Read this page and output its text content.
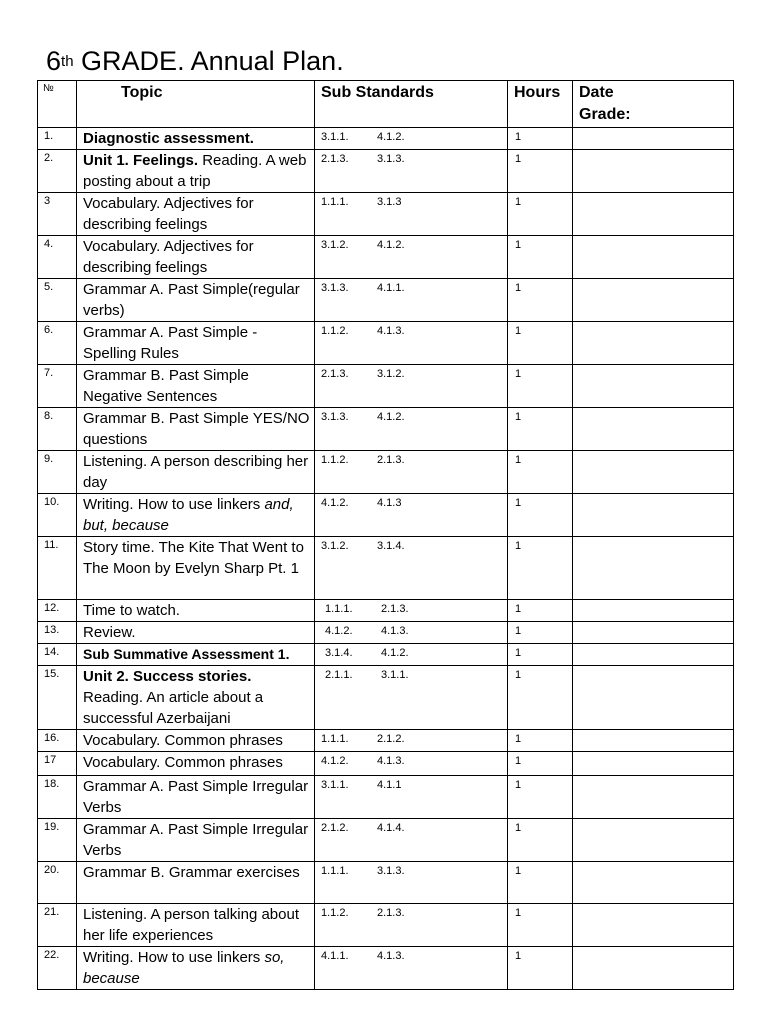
6th GRADE. Annual Plan.
№	Topic	Sub Standards	Hours	Date
Grade:

1.	Diagnostic assessment.	3.1.1. 4.1.2.	1	
2.	Unit 1. Feelings. Reading. A web posting about a trip	2.1.3. 3.1.3.	1	
3	Vocabulary. Adjectives for describing feelings	1.1.1. 3.1.3	1	
4.	Vocabulary. Adjectives for describing feelings	3.1.2. 4.1.2.	1	
5.	Grammar A. Past Simple(regular verbs)	3.1.3. 4.1.1.	1	
6.	Grammar A. Past Simple - Spelling Rules	1.1.2. 4.1.3.	1	
7.	Grammar B. Past Simple Negative Sentences	2.1.3. 3.1.2.	1	
8.	Grammar B. Past Simple YES/NO questions	3.1.3. 4.1.2.	1	
9.	Listening. A person describing her day	1.1.2. 2.1.3.	1	
10.	Writing. How to use linkers and, but, because	4.1.2. 4.1.3	1	
11.	Story time. The Kite That Went to The Moon by Evelyn Sharp Pt. 1	3.1.2. 3.1.4.	1	
12.	Time to watch.	1.1.1. 2.1.3.	1	
13.	Review.	4.1.2. 4.1.3.	1	
14.	Sub Summative Assessment 1.	3.1.4. 4.1.2.	1	
15.	Unit 2. Success stories. Reading. An article about a successful Azerbaijani	2.1.1. 3.1.1.	1	
16.	Vocabulary. Common phrases	1.1.1. 2.1.2.	1	
17	Vocabulary. Common phrases	4.1.2. 4.1.3.	1	
18.	Grammar A. Past Simple Irregular Verbs	3.1.1. 4.1.1	1	
19.	Grammar A. Past Simple Irregular Verbs	2.1.2. 4.1.4.	1	
20.	Grammar B. Grammar exercises	1.1.1. 3.1.3.	1	
21.	Listening. A person talking about her life experiences	1.1.2. 2.1.3.	1	
22.	Writing. How to use linkers so, because	4.1.1. 4.1.3.	1	
